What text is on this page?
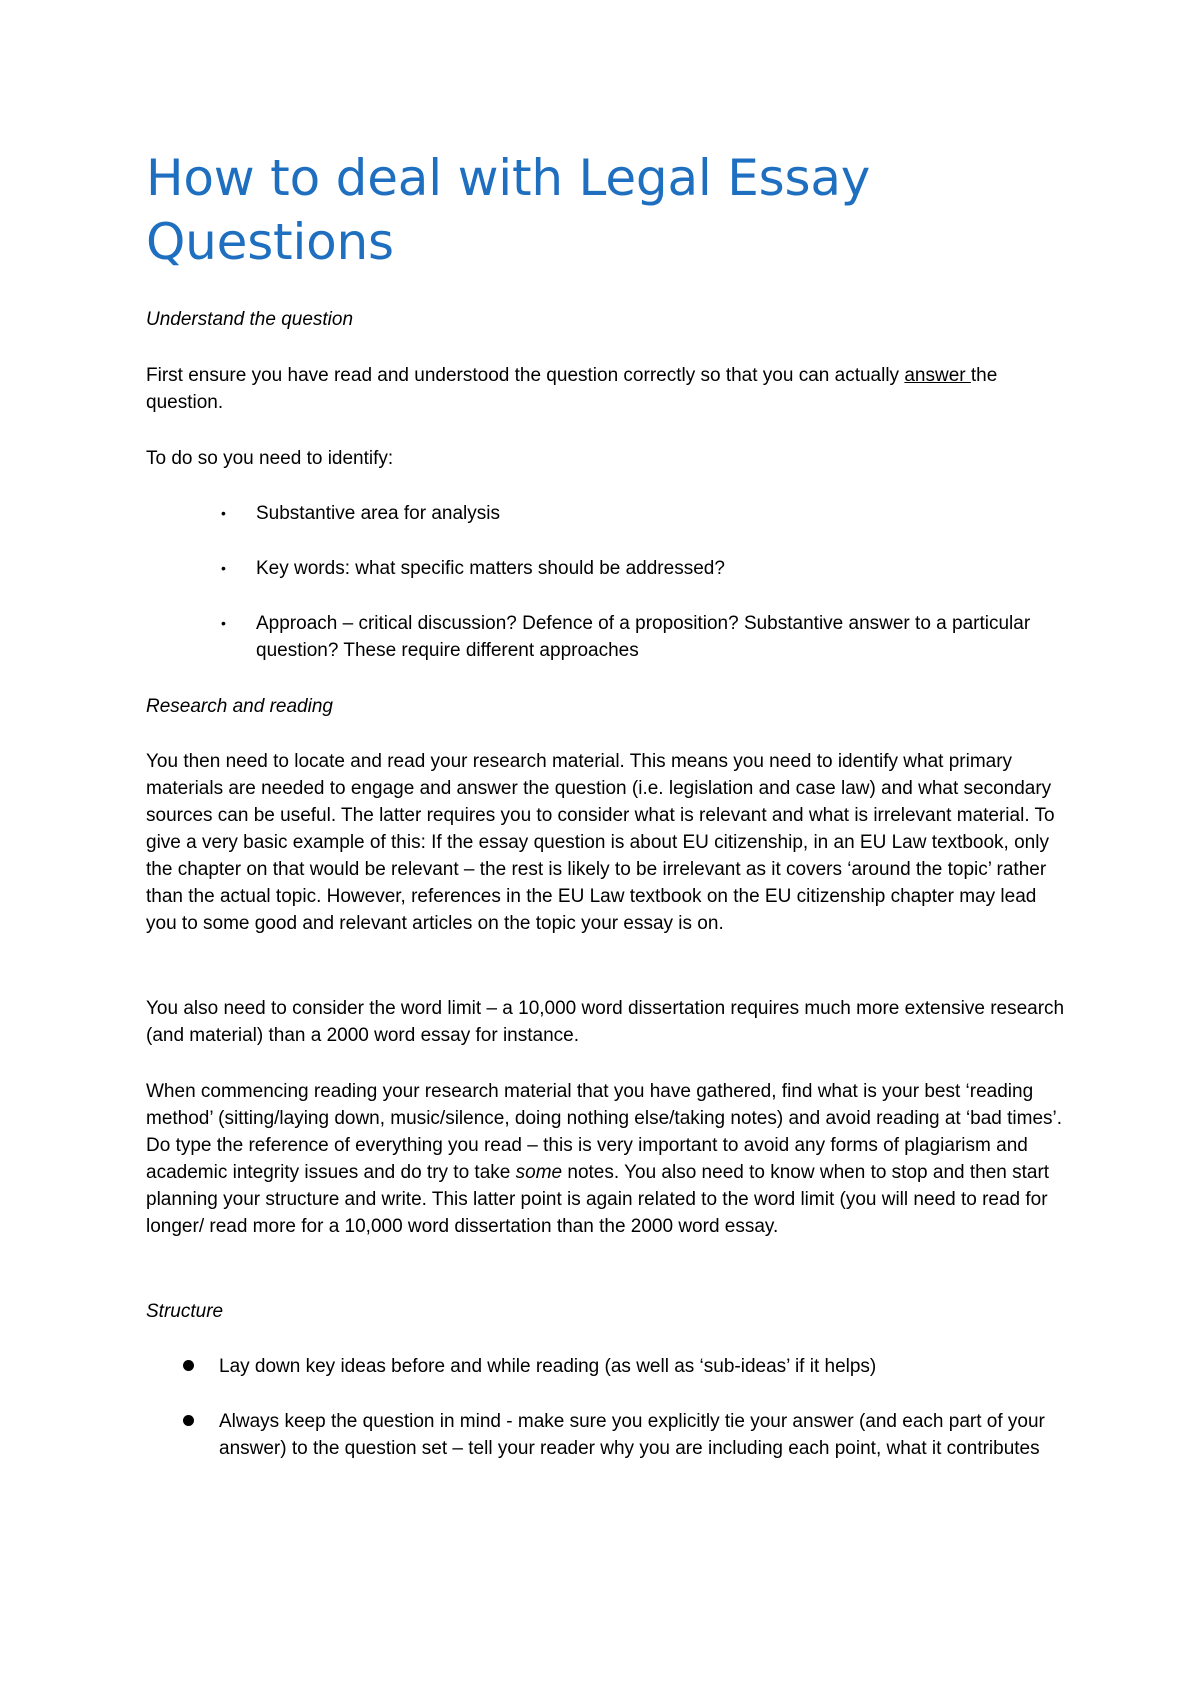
How to deal with Legal Essay Questions

Understand the question

First ensure you have read and understood the question correctly so that you can actually answer the question.

To do so you need to identify:

• Substantive area for analysis
• Key words: what specific matters should be addressed?
• Approach – critical discussion? Defence of a proposition? Substantive answer to a particular question? These require different approaches

Research and reading

You then need to locate and read your research material. This means you need to identify what primary materials are needed to engage and answer the question (i.e. legislation and case law) and what secondary sources can be useful. The latter requires you to consider what is relevant and what is irrelevant material. To give a very basic example of this: If the essay question is about EU citizenship, in an EU Law textbook, only the chapter on that would be relevant – the rest is likely to be irrelevant as it covers ‘around the topic’ rather than the actual topic. However, references in the EU Law textbook on the EU citizenship chapter may lead you to some good and relevant articles on the topic your essay is on.

You also need to consider the word limit – a 10,000 word dissertation requires much more extensive research (and material) than a 2000 word essay for instance.

When commencing reading your research material that you have gathered, find what is your best ‘reading method’ (sitting/laying down, music/silence, doing nothing else/taking notes) and avoid reading at ‘bad times’. Do type the reference of everything you read – this is very important to avoid any forms of plagiarism and academic integrity issues and do try to take some notes. You also need to know when to stop and then start planning your structure and write. This latter point is again related to the word limit (you will need to read for longer/ read more for a 10,000 word dissertation than the 2000 word essay.

Structure

Lay down key ideas before and while reading (as well as ‘sub-ideas’ if it helps)
Always keep the question in mind - make sure you explicitly tie your answer (and each part of your answer) to the question set – tell your reader why you are including each point, what it contributes
